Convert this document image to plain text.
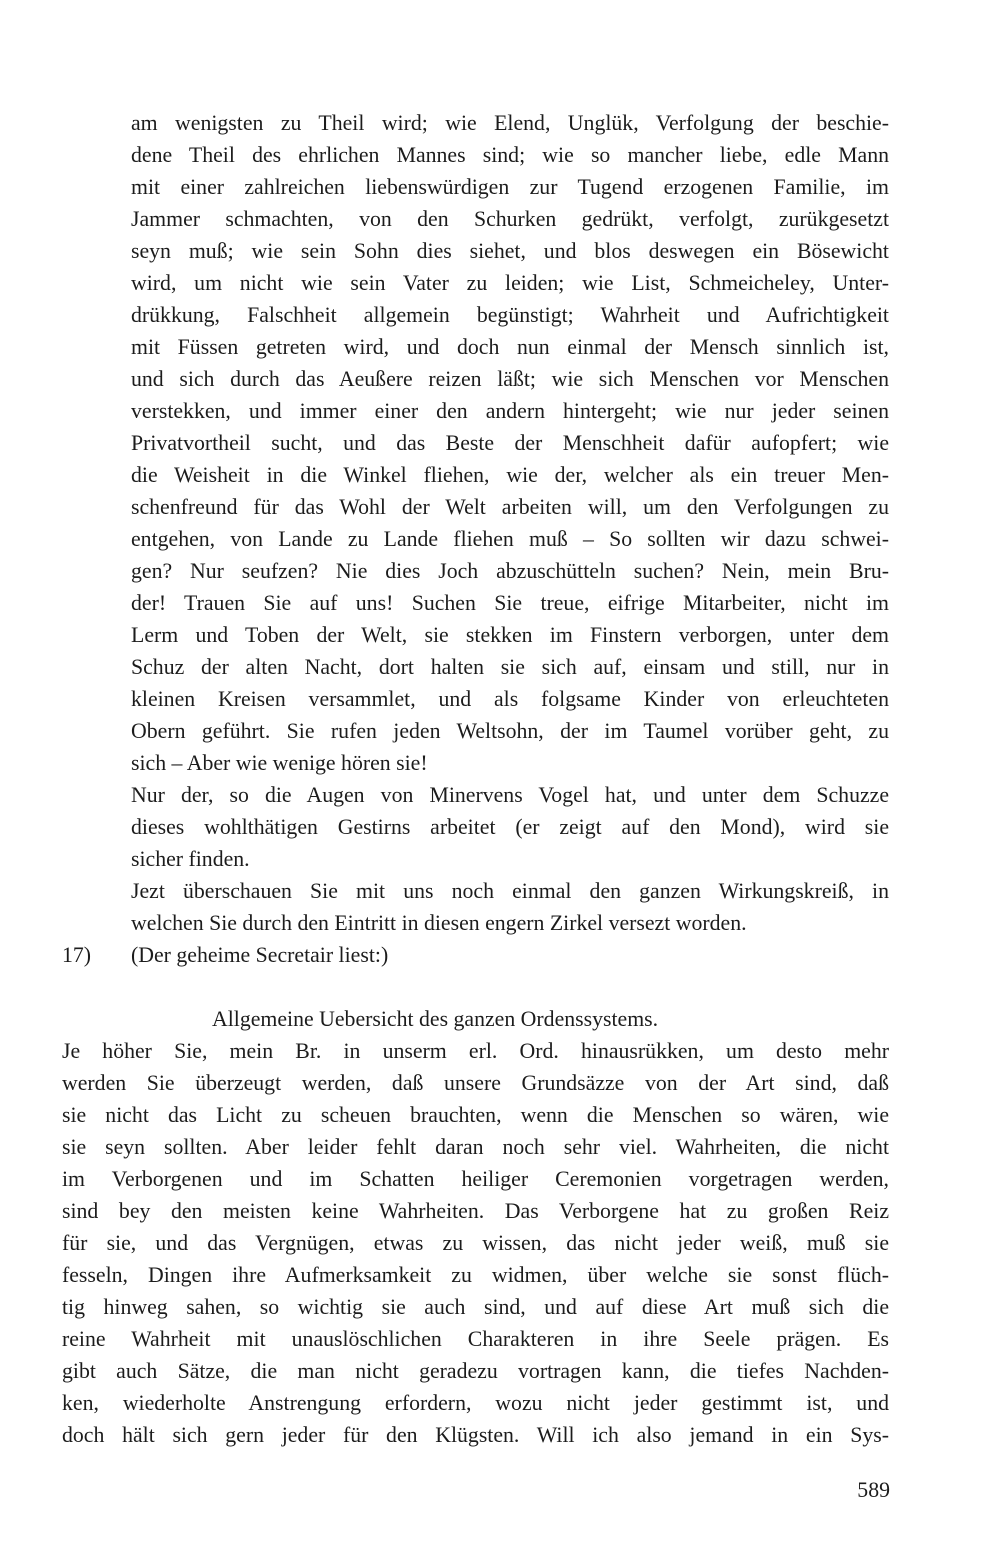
am wenigsten zu Theil wird; wie Elend, Unglük, Verfolgung der beschie-
dene Theil des ehrlichen Mannes sind; wie so mancher liebe, edle Mann
mit einer zahlreichen liebenswürdigen zur Tugend erzogenen Familie, im
Jammer schmachten, von den Schurken gedrükt, verfolgt, zurükgesetzt
seyn muß; wie sein Sohn dies siehet, und blos deswegen ein Bösewicht
wird, um nicht wie sein Vater zu leiden; wie List, Schmeicheley, Unter-
drükkung, Falschheit allgemein begünstigt; Wahrheit und Aufrichtigkeit
mit Füssen getreten wird, und doch nun einmal der Mensch sinnlich ist,
und sich durch das Aeußere reizen läßt; wie sich Menschen vor Menschen
verstekken, und immer einer den andern hintergeht; wie nur jeder seinen
Privatvortheil sucht, und das Beste der Menschheit dafür aufopfert; wie
die Weisheit in die Winkel fliehen, wie der, welcher als ein treuer Men-
schenfreund für das Wohl der Welt arbeiten will, um den Verfolgungen zu
entgehen, von Lande zu Lande fliehen muß – So sollten wir dazu schwei-
gen? Nur seufzen? Nie dies Joch abzuschütteln suchen? Nein, mein Bru-
der! Trauen Sie auf uns! Suchen Sie treue, eifrige Mitarbeiter, nicht im
Lerm und Toben der Welt, sie stekken im Finstern verborgen, unter dem
Schuz der alten Nacht, dort halten sie sich auf, einsam und still, nur in
kleinen Kreisen versammlet, und als folgsame Kinder von erleuchteten
Obern geführt. Sie rufen jeden Weltsohn, der im Taumel vorüber geht, zu
sich – Aber wie wenige hören sie!
Nur der, so die Augen von Minervens Vogel hat, und unter dem Schuzze
dieses wohlthätigen Gestirns arbeitet (er zeigt auf den Mond), wird sie
sicher finden.
Jezt überschauen Sie mit uns noch einmal den ganzen Wirkungskreiß, in
welchen Sie durch den Eintritt in diesen engern Zirkel versezt worden.
17) (Der geheime Secretair liest:)
Allgemeine Uebersicht des ganzen Ordenssystems.
Je höher Sie, mein Br. in unserm erl. Ord. hinausrükken, um desto mehr
werden Sie überzeugt werden, daß unsere Grundsäzze von der Art sind, daß
sie nicht das Licht zu scheuen brauchten, wenn die Menschen so wären, wie
sie seyn sollten. Aber leider fehlt daran noch sehr viel. Wahrheiten, die nicht
im Verborgenen und im Schatten heiliger Ceremonien vorgetragen werden,
sind bey den meisten keine Wahrheiten. Das Verborgene hat zu großen Reiz
für sie, und das Vergnügen, etwas zu wissen, das nicht jeder weiß, muß sie
fesseln, Dingen ihre Aufmerksamkeit zu widmen, über welche sie sonst flüch-
tig hinweg sahen, so wichtig sie auch sind, und auf diese Art muß sich die
reine Wahrheit mit unauslöschlichen Charakteren in ihre Seele prägen. Es
gibt auch Sätze, die man nicht geradezu vortragen kann, die tiefes Nachden-
ken, wiederholte Anstrengung erfordern, wozu nicht jeder gestimmt ist, und
doch hält sich gern jeder für den Klügsten. Will ich also jemand in ein Sys-
589
